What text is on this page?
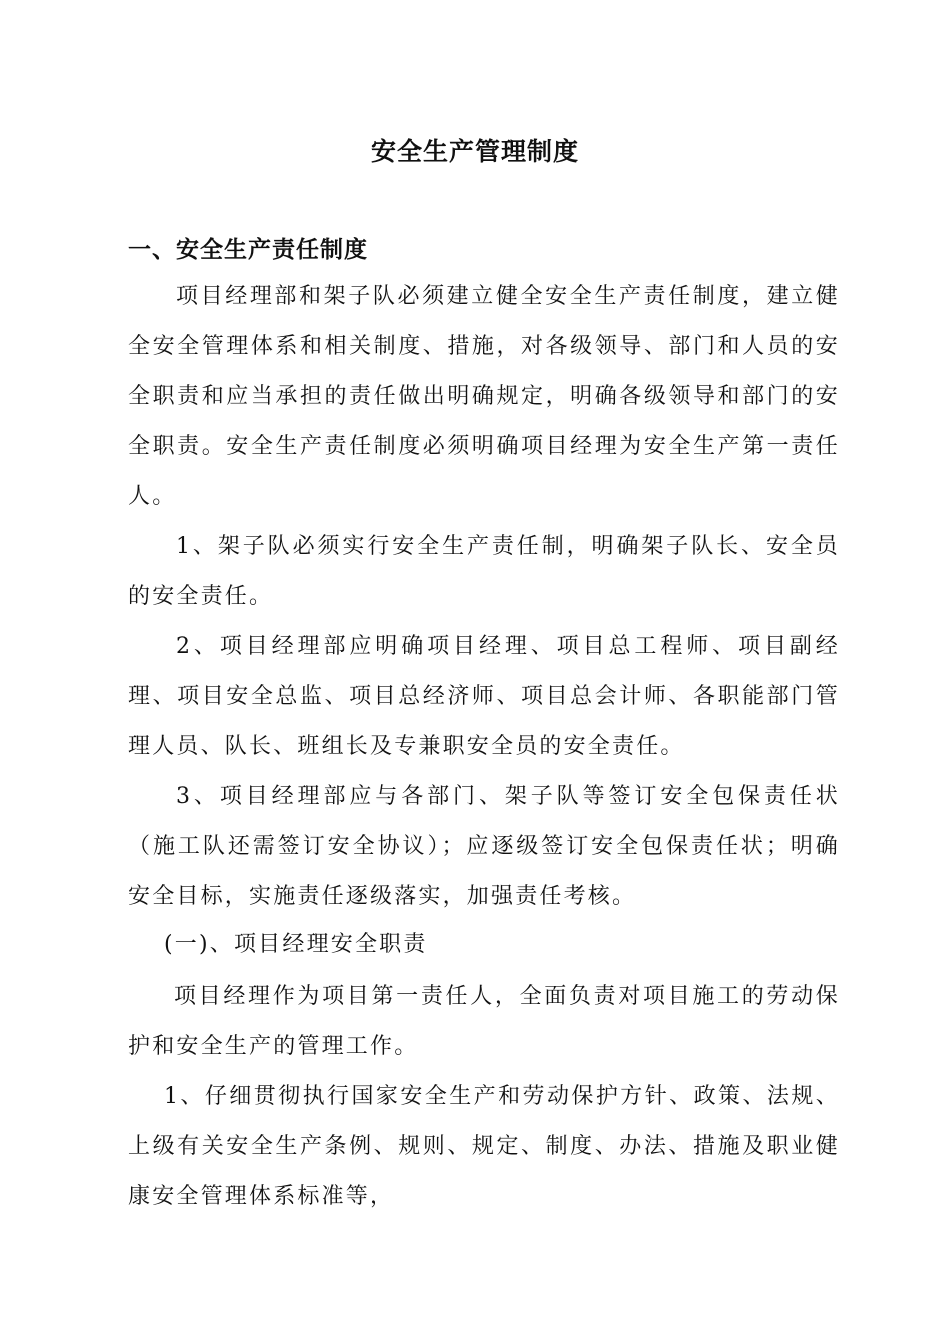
安全生产管理制度
一、安全生产责任制度

项目经理部和架子队必须建立健全安全生产责任制度，建立健全安全管理体系和相关制度、措施，对各级领导、部门和人员的安全职责和应当承担的责任做出明确规定，明确各级领导和部门的安全职责。安全生产责任制度必须明确项目经理为安全生产第一责任人。

1、架子队必须实行安全生产责任制，明确架子队长、安全员的安全责任。

2、项目经理部应明确项目经理、项目总工程师、项目副经理、项目安全总监、项目总经济师、项目总会计师、各职能部门管理人员、队长、班组长及专兼职安全员的安全责任。

3、项目经理部应与各部门、架子队等签订安全包保责任状（施工队还需签订安全协议）；应逐级签订安全包保责任状；明确安全目标，实施责任逐级落实，加强责任考核。

(一)、项目经理安全职责

项目经理作为项目第一责任人，全面负责对项目施工的劳动保护和安全生产的管理工作。

1、仔细贯彻执行国家安全生产和劳动保护方针、政策、法规、上级有关安全生产条例、规则、规定、制度、办法、措施及职业健康安全管理体系标准等，
